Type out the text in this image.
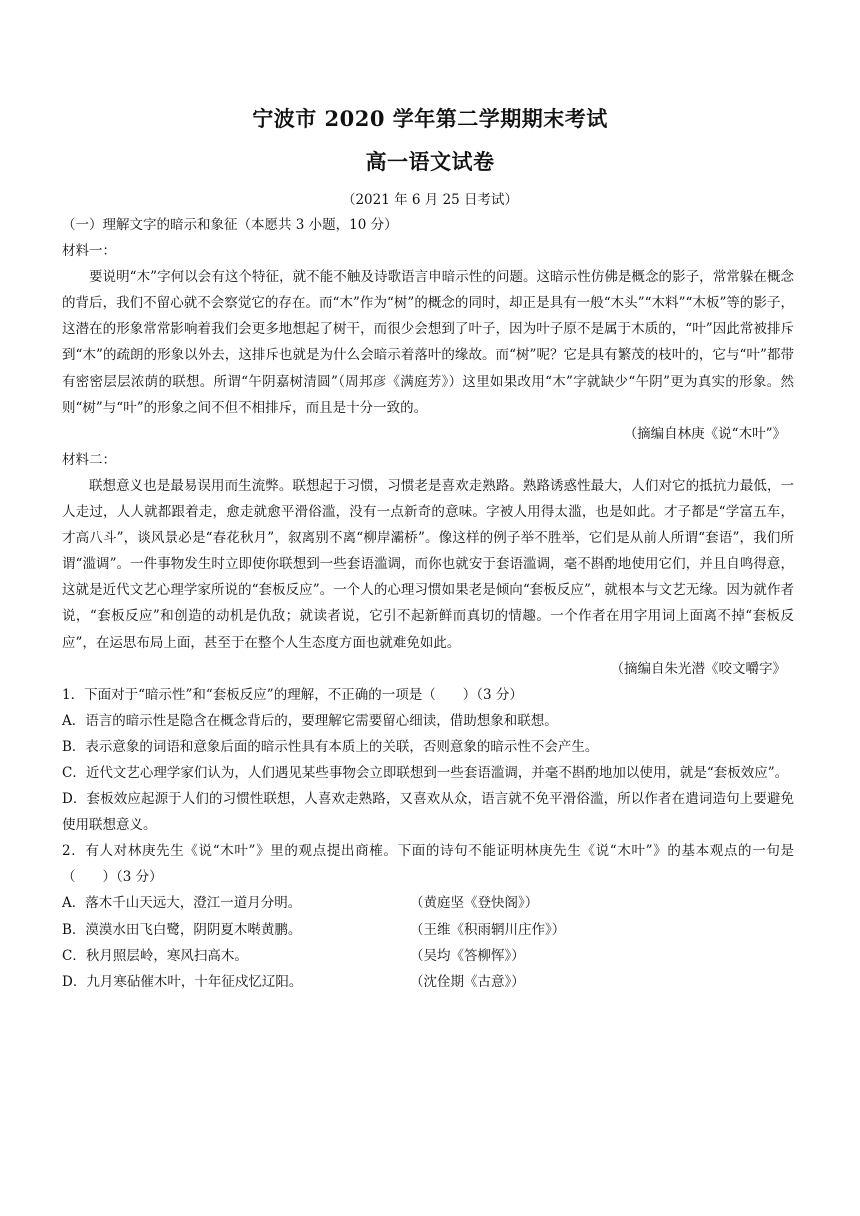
宁波市 2020 学年第二学期期末考试
高一语文试卷
（2021 年 6 月 25 日考试）
（一）理解文字的暗示和象征（本愿共 3 小题，10 分）
材料一：

要说明“木”字何以会有这个特征，就不能不触及诗歌语言申暗示性的问题。这暗示性仿佛是概念的影子，常常躲在概念的背后，我们不留心就不会察觉它的存在。而“木”作为“树”的概念的同时，却正是具有一般“木头”“木料”“木板”等的影子，这潜在的形象常常影响着我们会更多地想起了树干，而很少会想到了叶子，因为叶子原不是属于木质的，“叶”因此常被排斥到“木”的疏朗的形象以外去，这排斥也就是为什么会暗示着落叶的缘故。而“树”呢？它是具有繁茂的枝叶的，它与“叶”都带有密密层层浓荫的联想。所谓“午阴嘉树清圆”（周邦彦《满庭芳》）这里如果改用“木”字就缺少“午阴”更为真实的形象。然则“树”与“叶”的形象之间不但不相排斥，而且是十分一致的。

（摘编自林庚《说“木叶”》
材料二：

联想意义也是最易误用而生流弊。联想起于习惯，习惯老是喜欢走熟路。熟路诱惑性最大，人们对它的抵抗力最低，一人走过，人人就都跟着走，愈走就愈平滑俗滥，没有一点新奇的意味。字被人用得太滥，也是如此。才子都是“学富五车，才高八斗”，谈风景必是“春花秋月”，叙离别不离“柳岸灞桥”。像这样的例子举不胜举，它们是从前人所谓“套语”，我们所谓“滥调”。一件事物发生时立即使你联想到一些套语滥调，而你也就安于套语滥调，毫不斟酌地使用它们，并且自鸣得意，这就是近代文艺心理学家所说的“套板反应”。一个人的心理习惯如果老是倾向“套板反应”，就根本与文艺无缘。因为就作者说，“套板反应”和创造的动机是仇敌；就读者说，它引不起新鲜而真切的情趣。一个作者在用字用词上面离不掉“套板反应”，在运思布局上面，甚至于在整个人生态度方面也就难免如此。

（摘编自朱光潜《咬文嚼字》

1．下面对于“暗示性”和“套板反应”的理解，不正确的一项是（　　）（3 分）

A．语言的暗示性是隐含在概念背后的，要理解它需要留心细读，借助想象和联想。

B．表示意象的词语和意象后面的暗示性具有本质上的关联，否则意象的暗示性不会产生。

C．近代文艺心理学家们认为，人们遇见某些事物会立即联想到一些套语滥调，并毫不斟酌地加以使用，就是“套板效应”。

D．套板效应起源于人们的习惯性联想，人喜欢走熟路，又喜欢从众，语言就不免平滑俗滥，所以作者在遣词造句上要避免使用联想意义。

2．有人对林庚先生《说“木叶”》里的观点提出商榷。下面的诗句不能证明林庚先生《说“木叶”》的基本观点的一句是（　　）（3 分）

A．落木千山天远大，澄江一道月分明。	（黄庭坚《登快阁》）
B．漠漠水田飞白鹭，阴阴夏木啭黄鹏。	（王维《积雨辋川庄作》）
C．秋月照层岭，寒风扫高木。	（吴均《答柳恽》）
D．九月寒砧催木叶，十年征戍忆辽阳。	（沈佺期《古意》）
